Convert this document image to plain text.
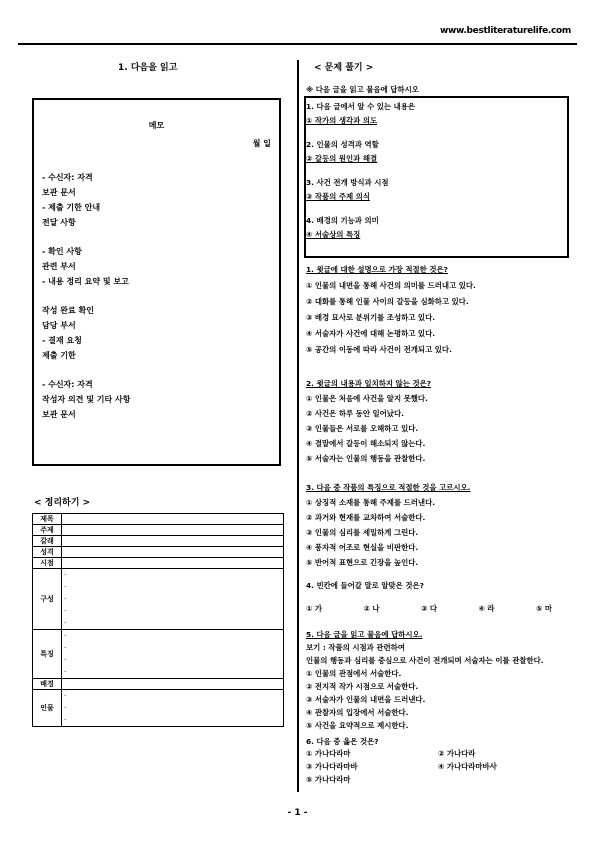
www.bestliteraturelife.com
1. 다음을 읽고
메모
월 일
- 수신자: 자격
보관 문서
- 제출 기한 안내
전달 사항
- 확인 사항
관련 부서
- 내용 정리 요약 및 보고
작성 완료 확인
담당 부서
- 결재 요청
제출 기한
- 수신자: 자격
작성자 의견 및 기타 사항
보관 문서
< 정리하기 >
제목	

주제	

갈래	

성격	

시점	

구성	·
·
·
·
·

특징	·
·
·
·

배경	

인물	·
·
·
< 문제 풀기 >
※ 다음 글을 읽고 물음에 답하시오
1. 다음 글에서 알 수 있는 내용은
① 작가의 생각과 의도
2. 인물의 성격과 역할
② 갈등의 원인과 해결
3. 사건 전개 방식과 시점
③ 작품의 주제 의식
4. 배경의 기능과 의미
④ 서술상의 특징
1. 윗글에 대한 설명으로 가장 적절한 것은?
① 인물의 내면을 통해 사건의 의미를 드러내고 있다.
② 대화를 통해 인물 사이의 갈등을 심화하고 있다.
③ 배경 묘사로 분위기를 조성하고 있다.
④ 서술자가 사건에 대해 논평하고 있다.
⑤ 공간의 이동에 따라 사건이 전개되고 있다.
2. 윗글의 내용과 일치하지 않는 것은?
① 인물은 처음에 사건을 알지 못했다.
② 사건은 하루 동안 일어났다.
③ 인물들은 서로를 오해하고 있다.
④ 결말에서 갈등이 해소되지 않는다.
⑤ 서술자는 인물의 행동을 관찰한다.
3. 다음 중 작품의 특징으로 적절한 것을 고르시오.
① 상징적 소재를 통해 주제를 드러낸다.
② 과거와 현재를 교차하여 서술한다.
③ 인물의 심리를 세밀하게 그린다.
④ 풍자적 어조로 현실을 비판한다.
⑤ 반어적 표현으로 긴장을 높인다.
4. 빈칸에 들어갈 말로 알맞은 것은?
① 가	② 나	③ 다	④ 라	⑤ 마
5. 다음 글을 읽고 물음에 답하시오.
보기 : 작품의 시점과 관련하여
인물의 행동과 심리를 중심으로 사건이 전개되며 서술자는 이를 관찰한다.
① 인물의 관점에서 서술한다.
② 전지적 작가 시점으로 서술한다.
③ 서술자가 인물의 내면을 드러낸다.
④ 관찰자의 입장에서 서술한다.
⑤ 사건을 요약적으로 제시한다.
6. 다음 중 옳은 것은?
① 가나다라마	② 가나다라
③ 가나다라마바	④ 가나다라마바사
⑤ 가나다라마
- 1 -
